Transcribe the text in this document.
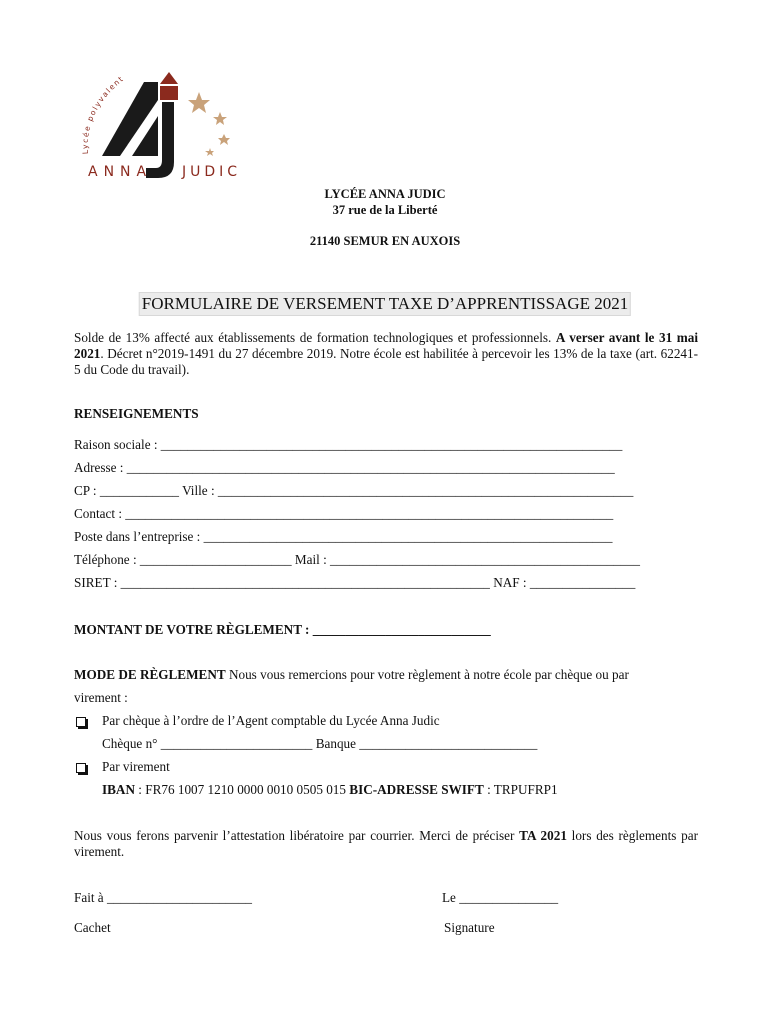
Lycée polyvalent
ANNA JUDIC
LYCÉE ANNA JUDIC
37 rue de la Liberté
21140 SEMUR EN AUXOIS
FORMULAIRE DE VERSEMENT TAXE D’APPRENTISSAGE 2021
Solde de 13% affecté aux établissements de formation technologiques et professionnels. A verser avant le 31 mai 2021. Décret n°2019-1491 du 27 décembre 2019. Notre école est habilitée à percevoir les 13% de la taxe (art. 62241-5 du Code du travail).
RENSEIGNEMENTS
Raison sociale : ______________________________________________________________________
Adresse : __________________________________________________________________________
CP : ____________ Ville : _______________________________________________________________
Contact : __________________________________________________________________________
Poste dans l’entreprise : ______________________________________________________________
Téléphone : _______________________ Mail : _______________________________________________
SIRET : ________________________________________________________ NAF : ________________
MONTANT DE VOTRE RÈGLEMENT : ___________________________
MODE DE RÈGLEMENT Nous vous remercions pour votre règlement à notre école par chèque ou par
virement :
Par chèque à l’ordre de l’Agent comptable du Lycée Anna Judic
Chèque n° _______________________ Banque ___________________________
Par virement
IBAN : FR76 1007 1210 0000 0010 0505 015 BIC-ADRESSE SWIFT : TRPUFRP1
Nous vous ferons parvenir l’attestation libératoire par courrier. Merci de préciser TA 2021 lors des règlements par virement.
Fait à ______________________	Le _______________
Cachet	Signature
